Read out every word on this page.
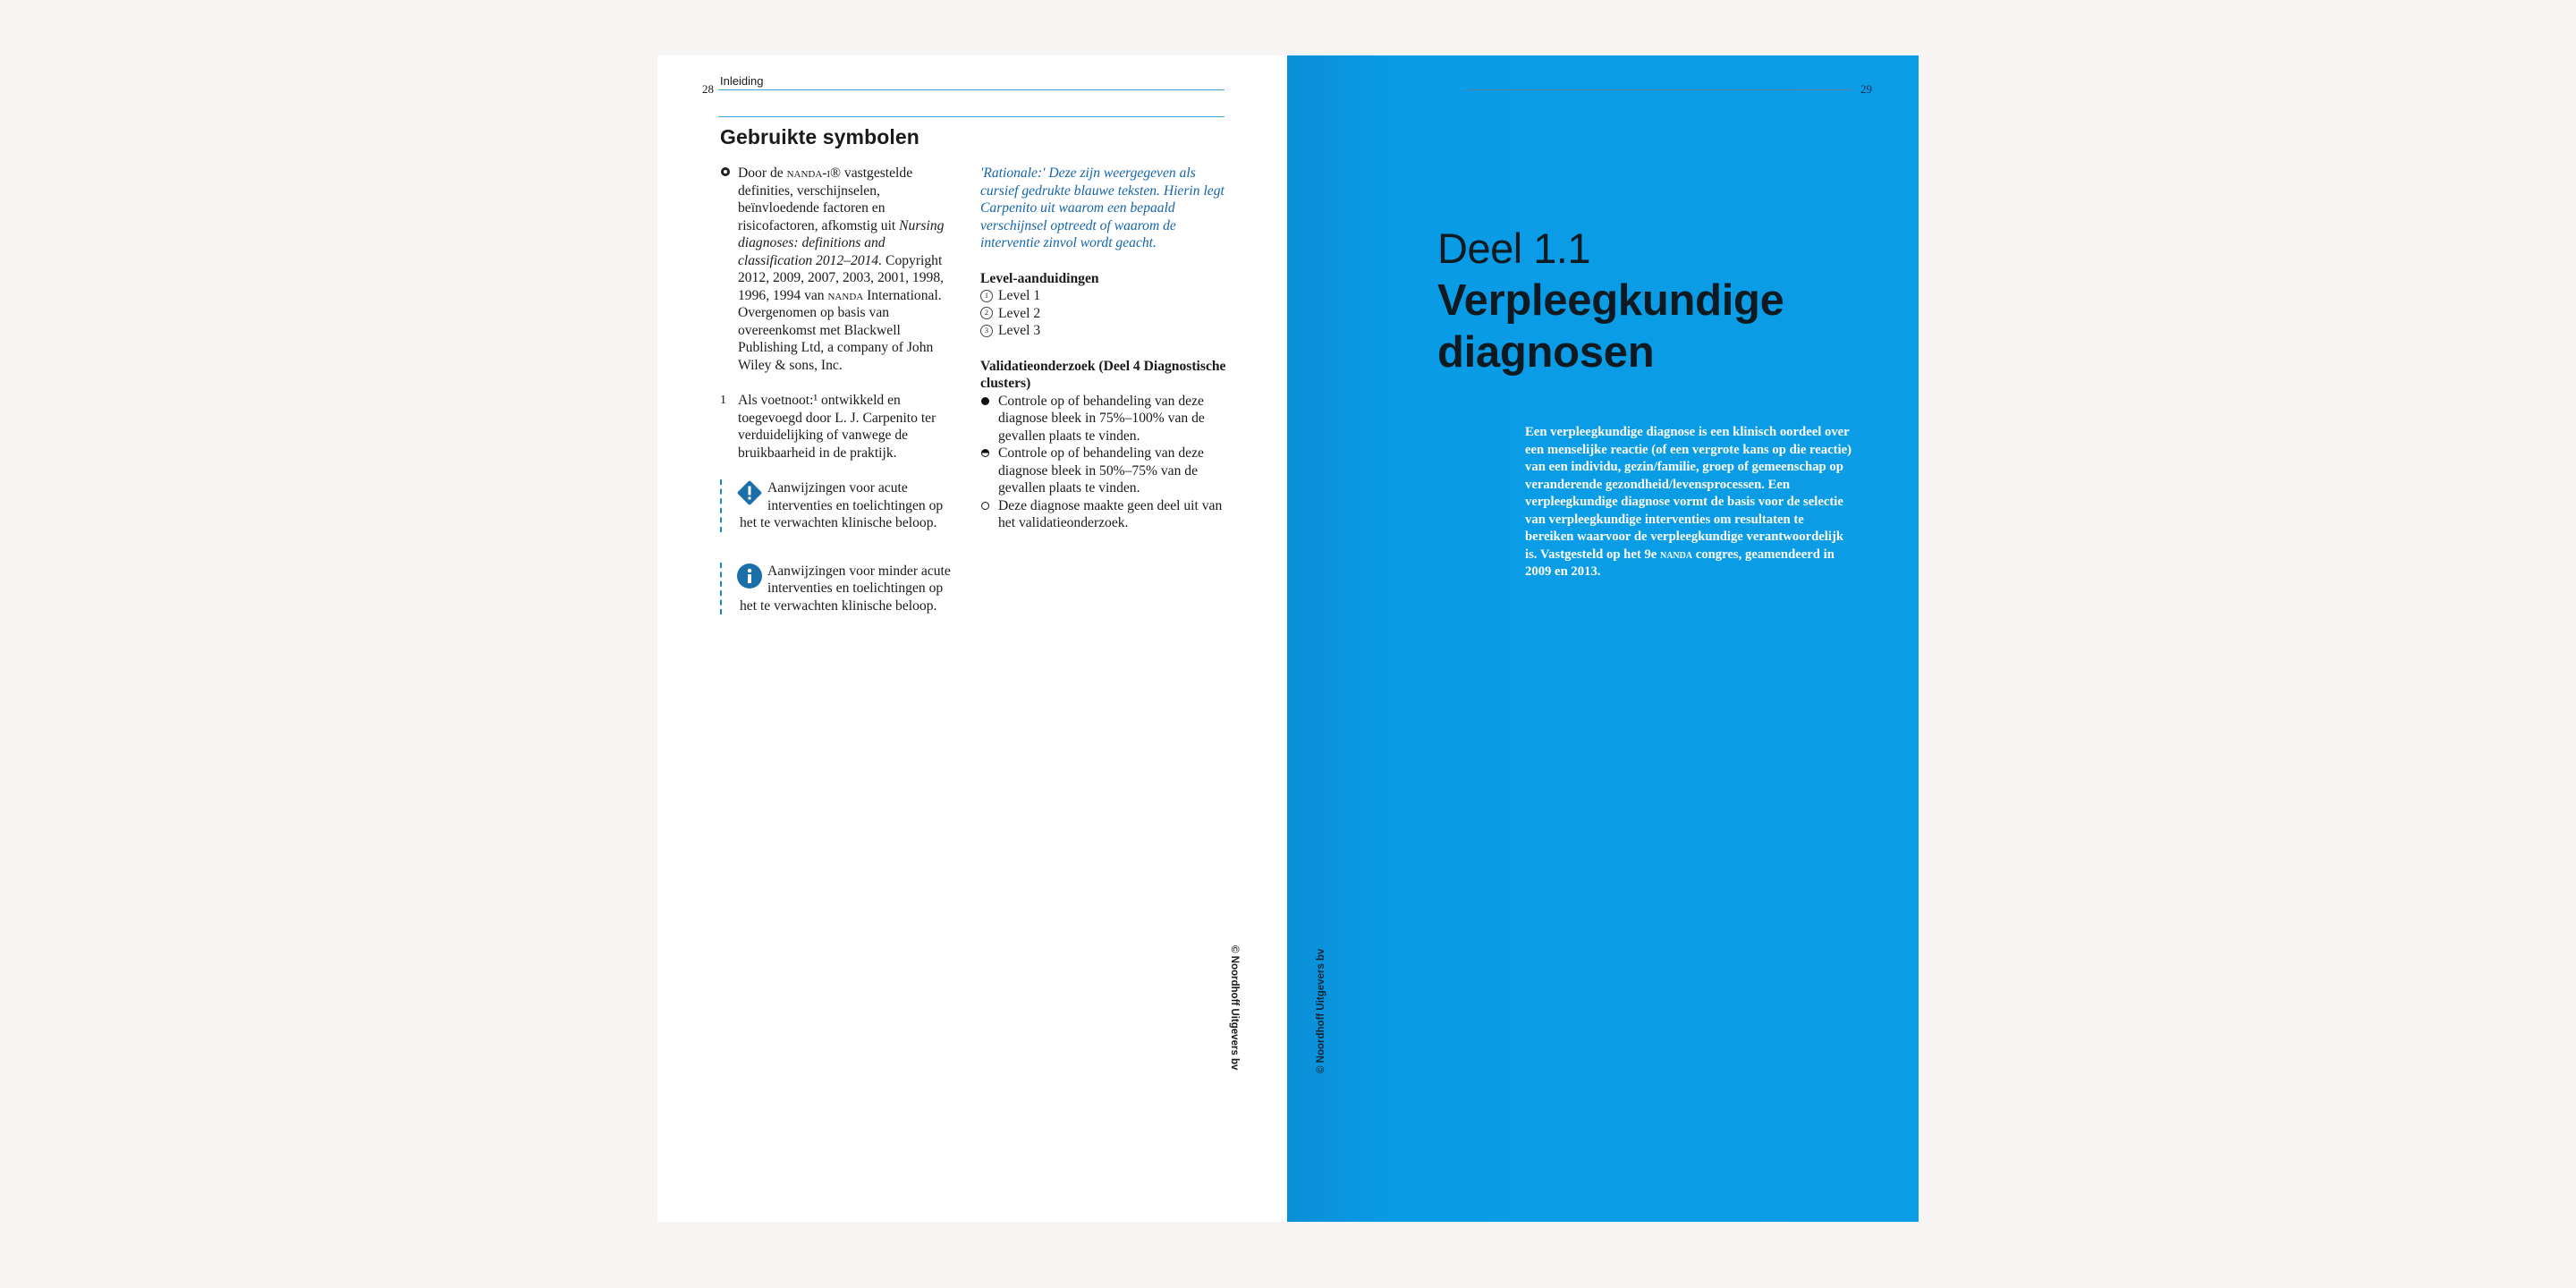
28
Inleiding
Gebruikte symbolen
Door de nanda-i® vastgestelde definities, verschijnselen, beïnvloedende factoren en risicofactoren, afkomstig uit Nursing diagnoses: definitions and classification 2012–2014. Copyright 2012, 2009, 2007, 2003, 2001, 1998, 1996, 1994 van nanda International. Overgenomen op basis van overeenkomst met Blackwell Publishing Ltd, a company of John Wiley & sons, Inc.
1 Als voetnoot:¹ ontwikkeld en toegevoegd door L. J. Carpenito ter verduidelijking of vanwege de bruikbaarheid in de praktijk.
Aanwijzingen voor acute interventies en toelichtingen op het te verwachten klinische beloop.
Aanwijzingen voor minder acute interventies en toelichtingen op het te verwachten klinische beloop.
'Rationale:' Deze zijn weergegeven als cursief gedrukte blauwe teksten. Hierin legt Carpenito uit waarom een bepaald verschijnsel optreedt of waarom de interventie zinvol wordt geacht.
Level-aanduidingen
1 Level 1
2 Level 2
3 Level 3
Validatieonderzoek (Deel 4 Diagnostische clusters)
Controle op of behandeling van deze diagnose bleek in 75%–100% van de gevallen plaats te vinden.
Controle op of behandeling van deze diagnose bleek in 50%–75% van de gevallen plaats te vinden.
Deze diagnose maakte geen deel uit van het validatieonderzoek.
© Noordhoff Uitgevers bv
29
Deel 1.1
Verpleegkundige
diagnosen
Een verpleegkundige diagnose is een klinisch oordeel over een menselijke reactie (of een vergrote kans op die reactie) van een individu, gezin/familie, groep of gemeenschap op veranderende gezondheid/levensprocessen. Een verpleegkundige diagnose vormt de basis voor de selectie van verpleegkundige interventies om resultaten te bereiken waarvoor de verpleegkundige verantwoordelijk is. Vastgesteld op het 9e nanda congres, geamendeerd in 2009 en 2013.
© Noordhoff Uitgevers bv
